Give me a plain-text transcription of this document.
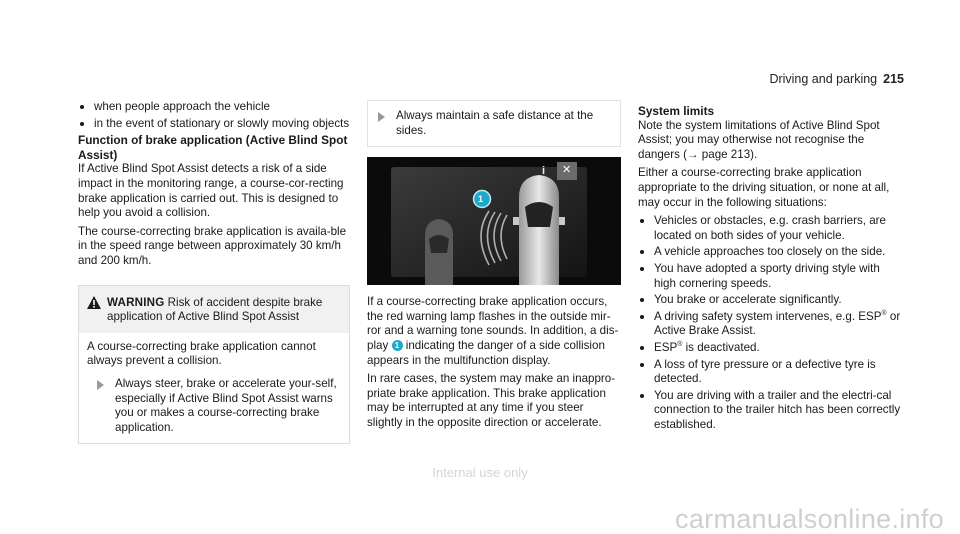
Driving and parking 215
when people approach the vehicle
in the event of stationary or slowly moving objects
Function of brake application (Active Blind Spot Assist)

If Active Blind Spot Assist detects a risk of a side impact in the monitoring range, a course-cor-recting brake application is carried out. This is designed to help you avoid a collision.

The course-correcting brake application is availa-ble in the speed range between approximately 30 km/h and 200 km/h.

WARNING Risk of accident despite brake application of Active Blind Spot Assist
A course-correcting brake application cannot always prevent a collision.
Always steer, brake or accelerate your-self, especially if Active Blind Spot Assist warns you or makes a course-correcting brake application.
Always maintain a safe distance at the sides.
i ✕
1

If a course-correcting brake application occurs, the red warning lamp flashes in the outside mir-ror and a warning tone sounds. In addition, a dis-play 1 indicating the danger of a side collision appears in the multifunction display.

In rare cases, the system may make an inappro-priate brake application. This brake application may be interrupted at any time if you steer slightly in the opposite direction or accelerate.

System limits

Note the system limitations of Active Blind Spot Assist; you may otherwise not recognise the dangers (→ page 213).

Either a course-correcting brake application appropriate to the driving situation, or none at all, may occur in the following situations:

Vehicles or obstacles, e.g. crash barriers, are located on both sides of your vehicle.
A vehicle approaches too closely on the side.
You have adopted a sporty driving style with high cornering speeds.
You brake or accelerate significantly.
A driving safety system intervenes, e.g. ESP® or Active Brake Assist.
ESP® is deactivated.
A loss of tyre pressure or a defective tyre is detected.
You are driving with a trailer and the electri-cal connection to the trailer hitch has been correctly established.
Internal use only
carmanualsonline.info
